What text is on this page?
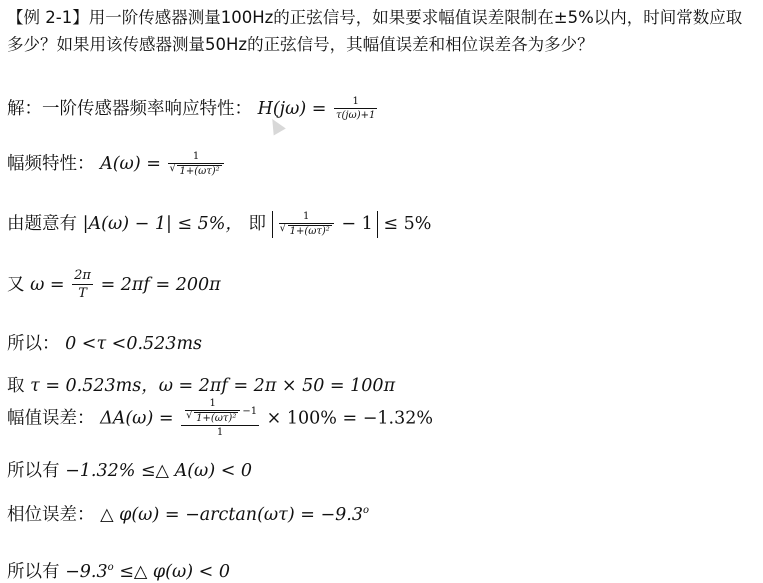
【例 2-1】用一阶传感器测量100Hz的正弦信号，如果要求幅值误差限制在±5%以内，时间常数应取多少？如果用该传感器测量50Hz的正弦信号，其幅值误差和相位误差各为多少？
解：一阶传感器频率响应特性： $H(j\omega) = \frac{1}{\tau(j\omega)+1}$
幅频特性： A(ω) = 1
√ 1+(ωτ)²
由题意有 |A(ω) − 1| ≤ 5%， 即 1
√ 1+(ωτ)² − 1 ≤ 5%
又 $\omega = \frac{2\pi}{T} = 2\pi f = 200\pi$
所以： 0 <τ <0.523ms
取 τ = 0.523ms，ω = 2πf = 2π × 50 = 100π
幅值误差： ΔA(ω) = 1
√ 1+(ωτ)² −1
1 × 100% = −1.32%
所以有 −1.32% ≤△ A(ω) < 0
相位误差： △ $\varphi(\omega) = -\arctan(\omega\tau) = -9.3^o$
所以有 $-9.3^o$ ≤△ φ(ω) < 0
